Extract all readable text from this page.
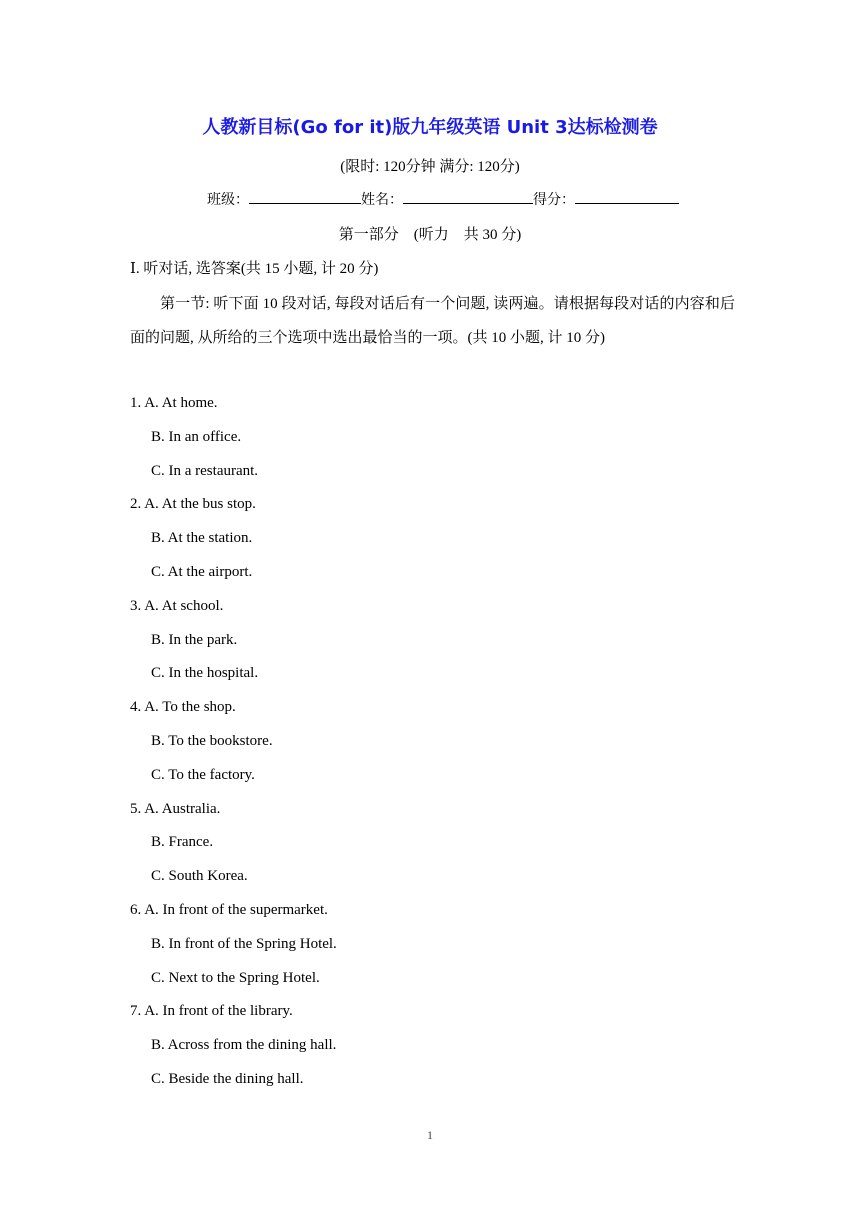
人教新目标(Go for it)版九年级英语 Unit 3达标检测卷
(限时: 120分钟 满分: 120分)
班级：	姓名：	得分：
第一部分    (听力    共 30 分)
Ⅰ. 听对话, 选答案(共 15 小题, 计 20 分)
第一节: 听下面 10 段对话, 每段对话后有一个问题, 读两遍。请根据每段对话的内容和后面的问题, 从所给的三个选项中选出最恰当的一项。(共 10 小题, 计 10 分)
1. A. At home.
B. In an office.
C. In a restaurant.
2. A. At the bus stop.
B. At the station.
C. At the airport.
3. A. At school.
B. In the park.
C. In the hospital.
4. A. To the shop.
B. To the bookstore.
C. To the factory.
5. A. Australia.
B. France.
C. South Korea.
6. A. In front of the supermarket.
B. In front of the Spring Hotel.
C. Next to the Spring Hotel.
7. A. In front of the library.
B. Across from the dining hall.
C. Beside the dining hall.
1
